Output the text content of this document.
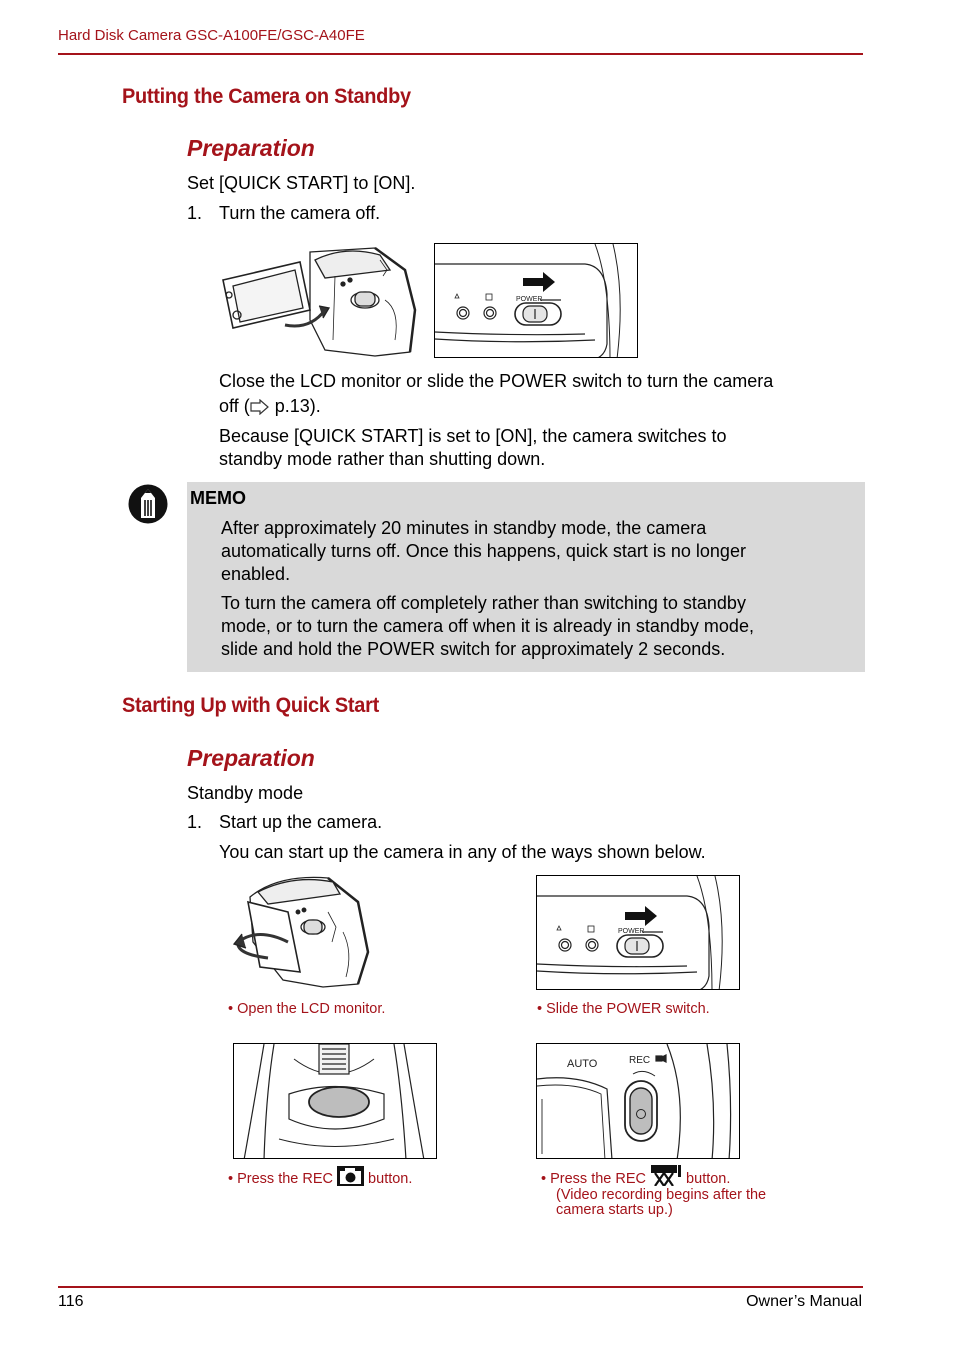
Hard Disk Camera GSC-A100FE/GSC-A40FE
Putting the Camera on Standby
Preparation
Set [QUICK START] to [ON].
1. Turn the camera off.
POWER
Close the LCD monitor or slide the POWER switch to turn the camera
off ( p.13).
Because [QUICK START] is set to [ON], the camera switches to
standby mode rather than shutting down.
MEMO
After approximately 20 minutes in standby mode, the camera
automatically turns off. Once this happens, quick start is no longer
enabled.
To turn the camera off completely rather than switching to standby
mode, or to turn the camera off when it is already in standby mode,
slide and hold the POWER switch for approximately 2 seconds.
Starting Up with Quick Start
Preparation
Standby mode
1. Start up the camera.
You can start up the camera in any of the ways shown below.
POWER
• Open the LCD monitor.	• Slide the POWER switch.
AUTO	REC
• Press the REC  button.	• Press the REC  button.
(Video recording begins after the
camera starts up.)
116	Owner’s Manual
